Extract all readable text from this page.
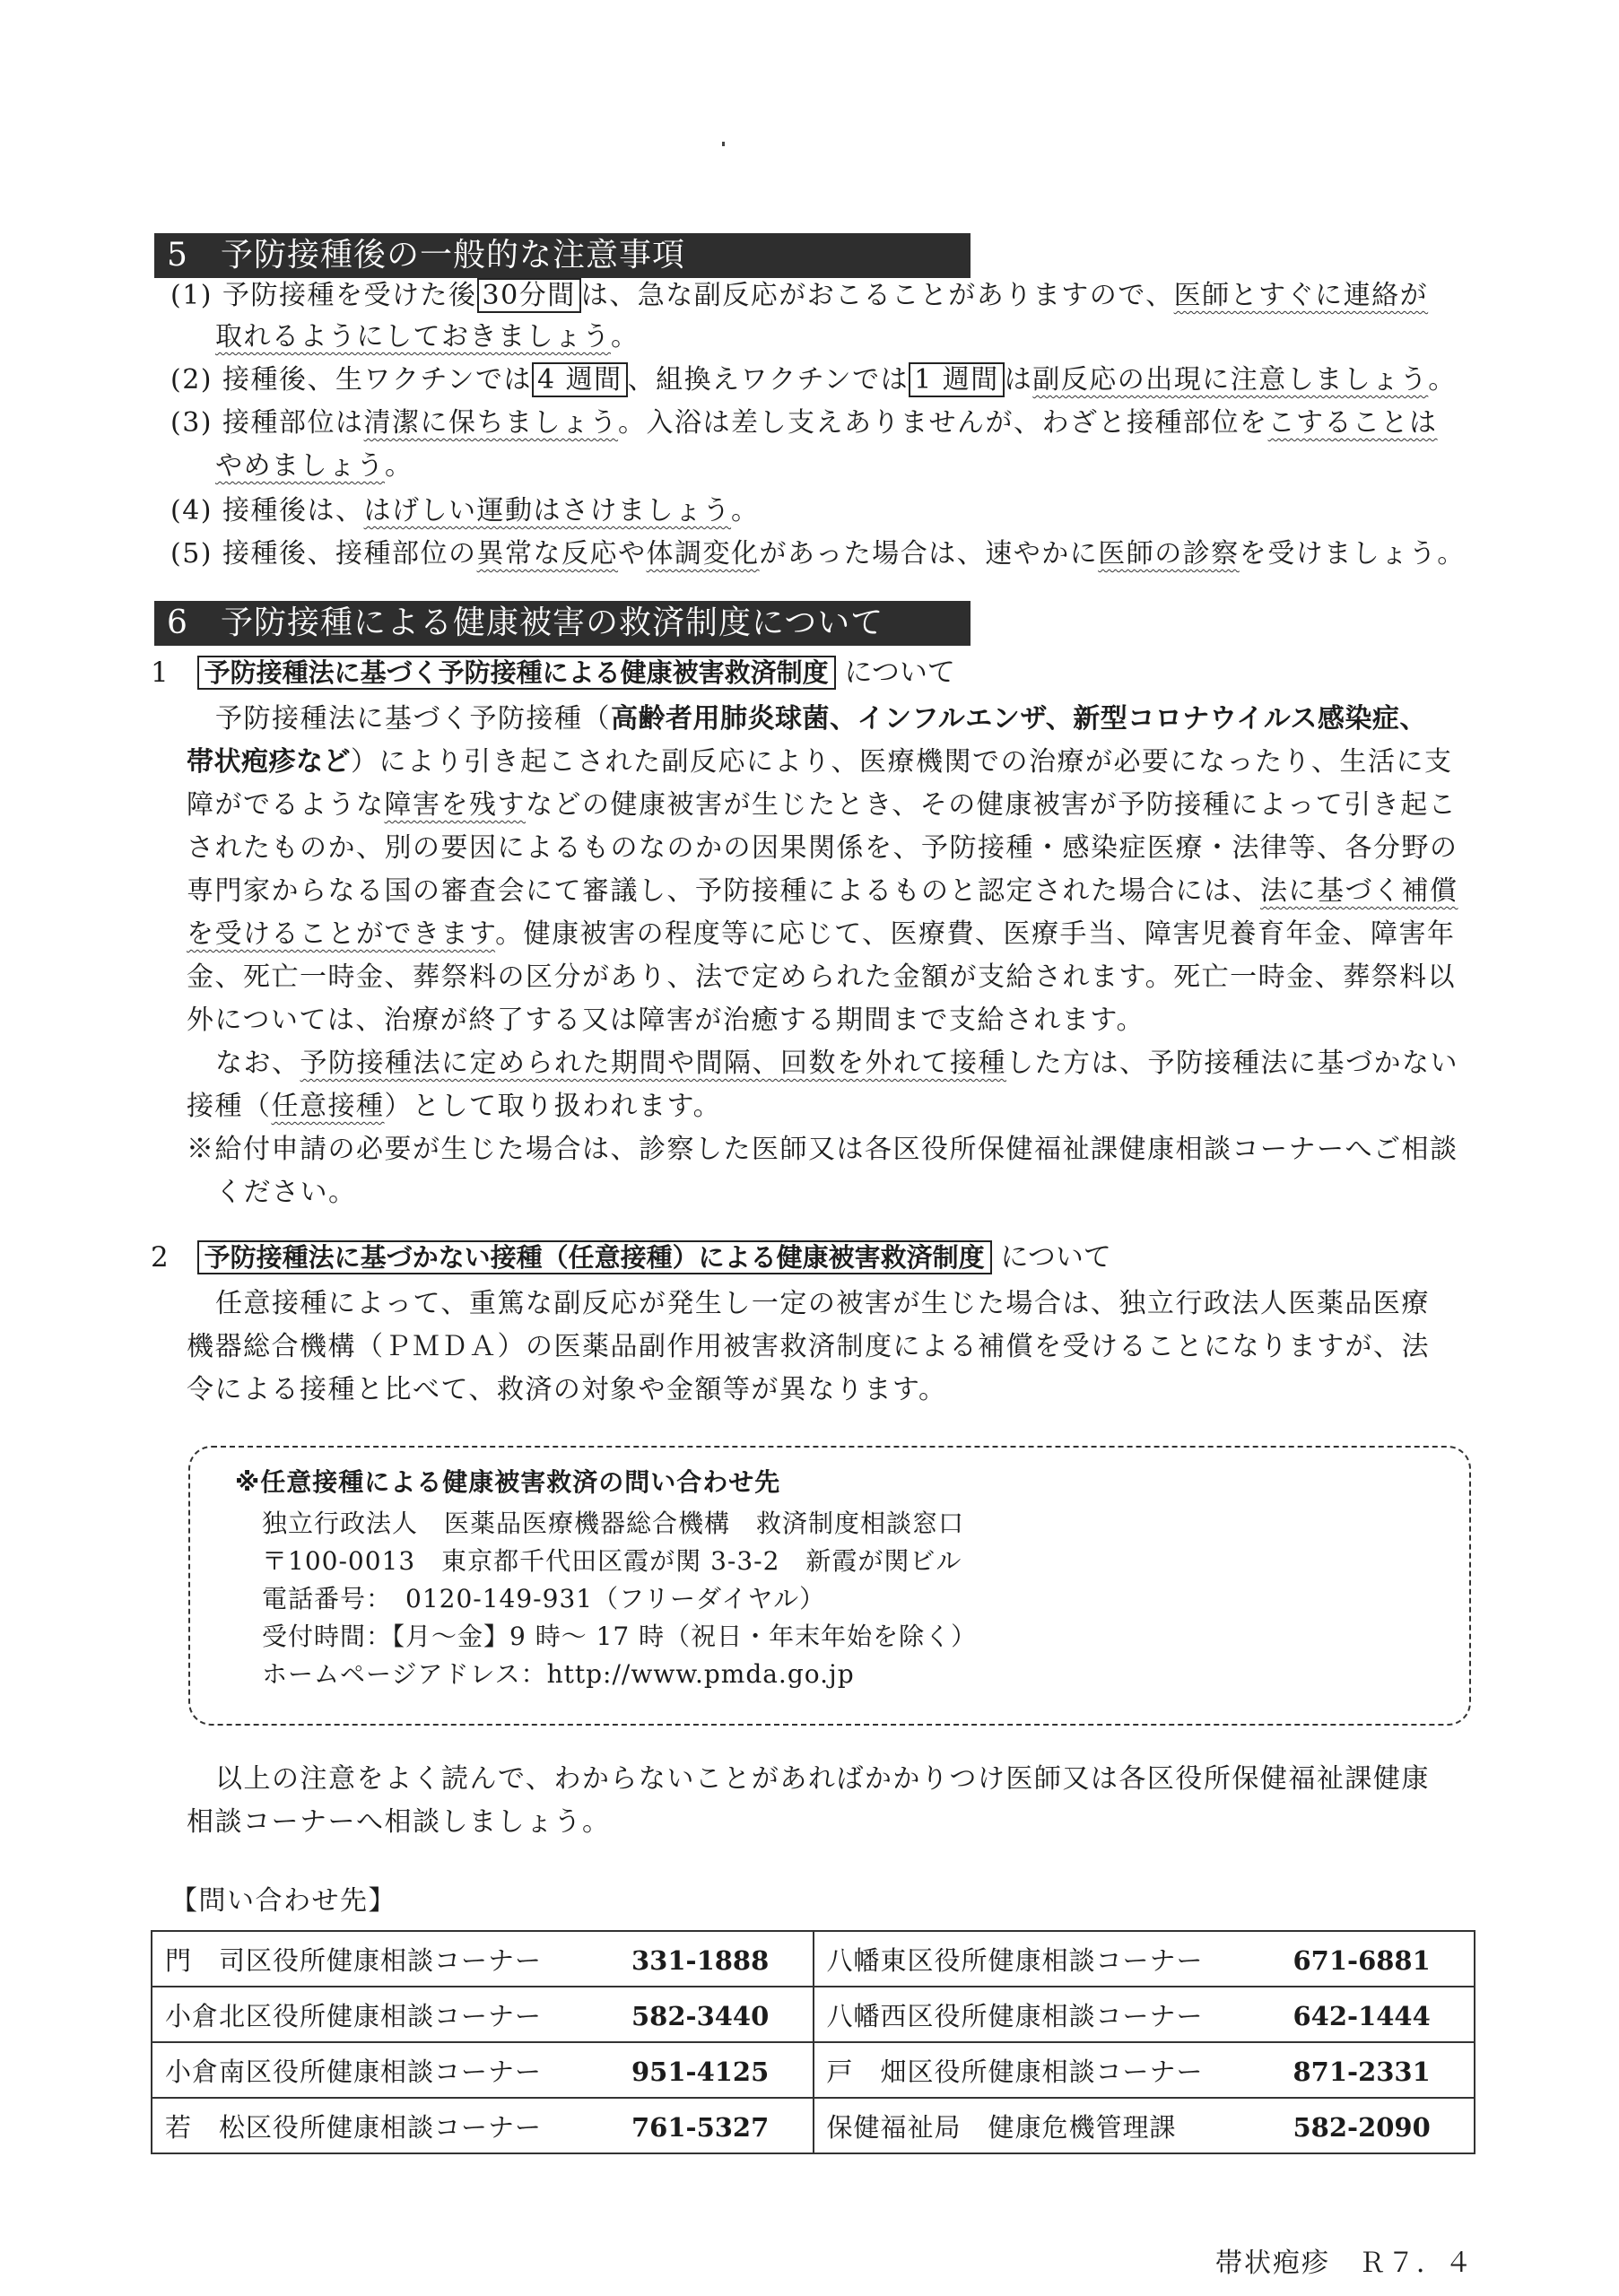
5 予防接種後の一般的な注意事項
(1) 予防接種を受けた後 30分間 は、急な副反応がおこることがありますので、医師とすぐに連絡が
取れるようにしておきましょう。
(2) 接種後、生ワクチンでは 4 週間 、組換えワクチンでは 1 週間 は副反応の出現に注意しましょう。
(3) 接種部位は清潔に保ちましょう。入浴は差し支えありませんが、わざと接種部位をこすることは
やめましょう。
(4) 接種後は、はげしい運動はさけましょう。
(5) 接種後、接種部位の異常な反応や体調変化があった場合は、速やかに医師の診察を受けましょう。
6 予防接種による健康被害の救済制度について
1 予防接種法に基づく予防接種による健康被害救済制度 について
予防接種法に基づく予防接種（高齢者用肺炎球菌、インフルエンザ、新型コロナウイルス感染症、
帯状疱疹など）により引き起こされた副反応により、医療機関での治療が必要になったり、生活に支
障がでるような障害を残すなどの健康被害が生じたとき、その健康被害が予防接種によって引き起こ
されたものか、別の要因によるものなのかの因果関係を、予防接種・感染症医療・法律等、各分野の
専門家からなる国の審査会にて審議し、予防接種によるものと認定された場合には、法に基づく補償
を受けることができます。健康被害の程度等に応じて、医療費、医療手当、障害児養育年金、障害年
金、死亡一時金、葬祭料の区分があり、法で定められた金額が支給されます。死亡一時金、葬祭料以
外については、治療が終了する又は障害が治癒する期間まで支給されます。
なお、予防接種法に定められた期間や間隔、回数を外れて接種した方は、予防接種法に基づかない
接種（任意接種）として取り扱われます。
※給付申請の必要が生じた場合は、診察した医師又は各区役所保健福祉課健康相談コーナーへご相談
ください。
2 予防接種法に基づかない接種（任意接種）による健康被害救済制度 について
任意接種によって、重篤な副反応が発生し一定の被害が生じた場合は、独立行政法人医薬品医療
機器総合機構（ＰＭＤＡ）の医薬品副作用被害救済制度による補償を受けることになりますが、法
令による接種と比べて、救済の対象や金額等が異なります。
※任意接種による健康被害救済の問い合わせ先
独立行政法人　医薬品医療機器総合機構　救済制度相談窓口
〒100-0013　東京都千代田区霞が関 3-3-2　新霞が関ビル
電話番号：　0120-149-931（フリーダイヤル）
受付時間：【月～金】9 時～ 17 時（祝日・年末年始を除く）
ホームページアドレス：http://www.pmda.go.jp
以上の注意をよく読んで、わからないことがあればかかりつけ医師又は各区役所保健福祉課健康
相談コーナーへ相談しましょう。
【問い合わせ先】
門　司区役所健康相談コーナー 331-1888	八幡東区役所健康相談コーナー 671-6881
小倉北区役所健康相談コーナー 582-3440	八幡西区役所健康相談コーナー 642-1444
小倉南区役所健康相談コーナー 951-4125	戸　畑区役所健康相談コーナー 871-2331
若　松区役所健康相談コーナー 761-5327	保健福祉局　健康危機管理課 582-2090
帯状疱疹　Ｒ７．４
